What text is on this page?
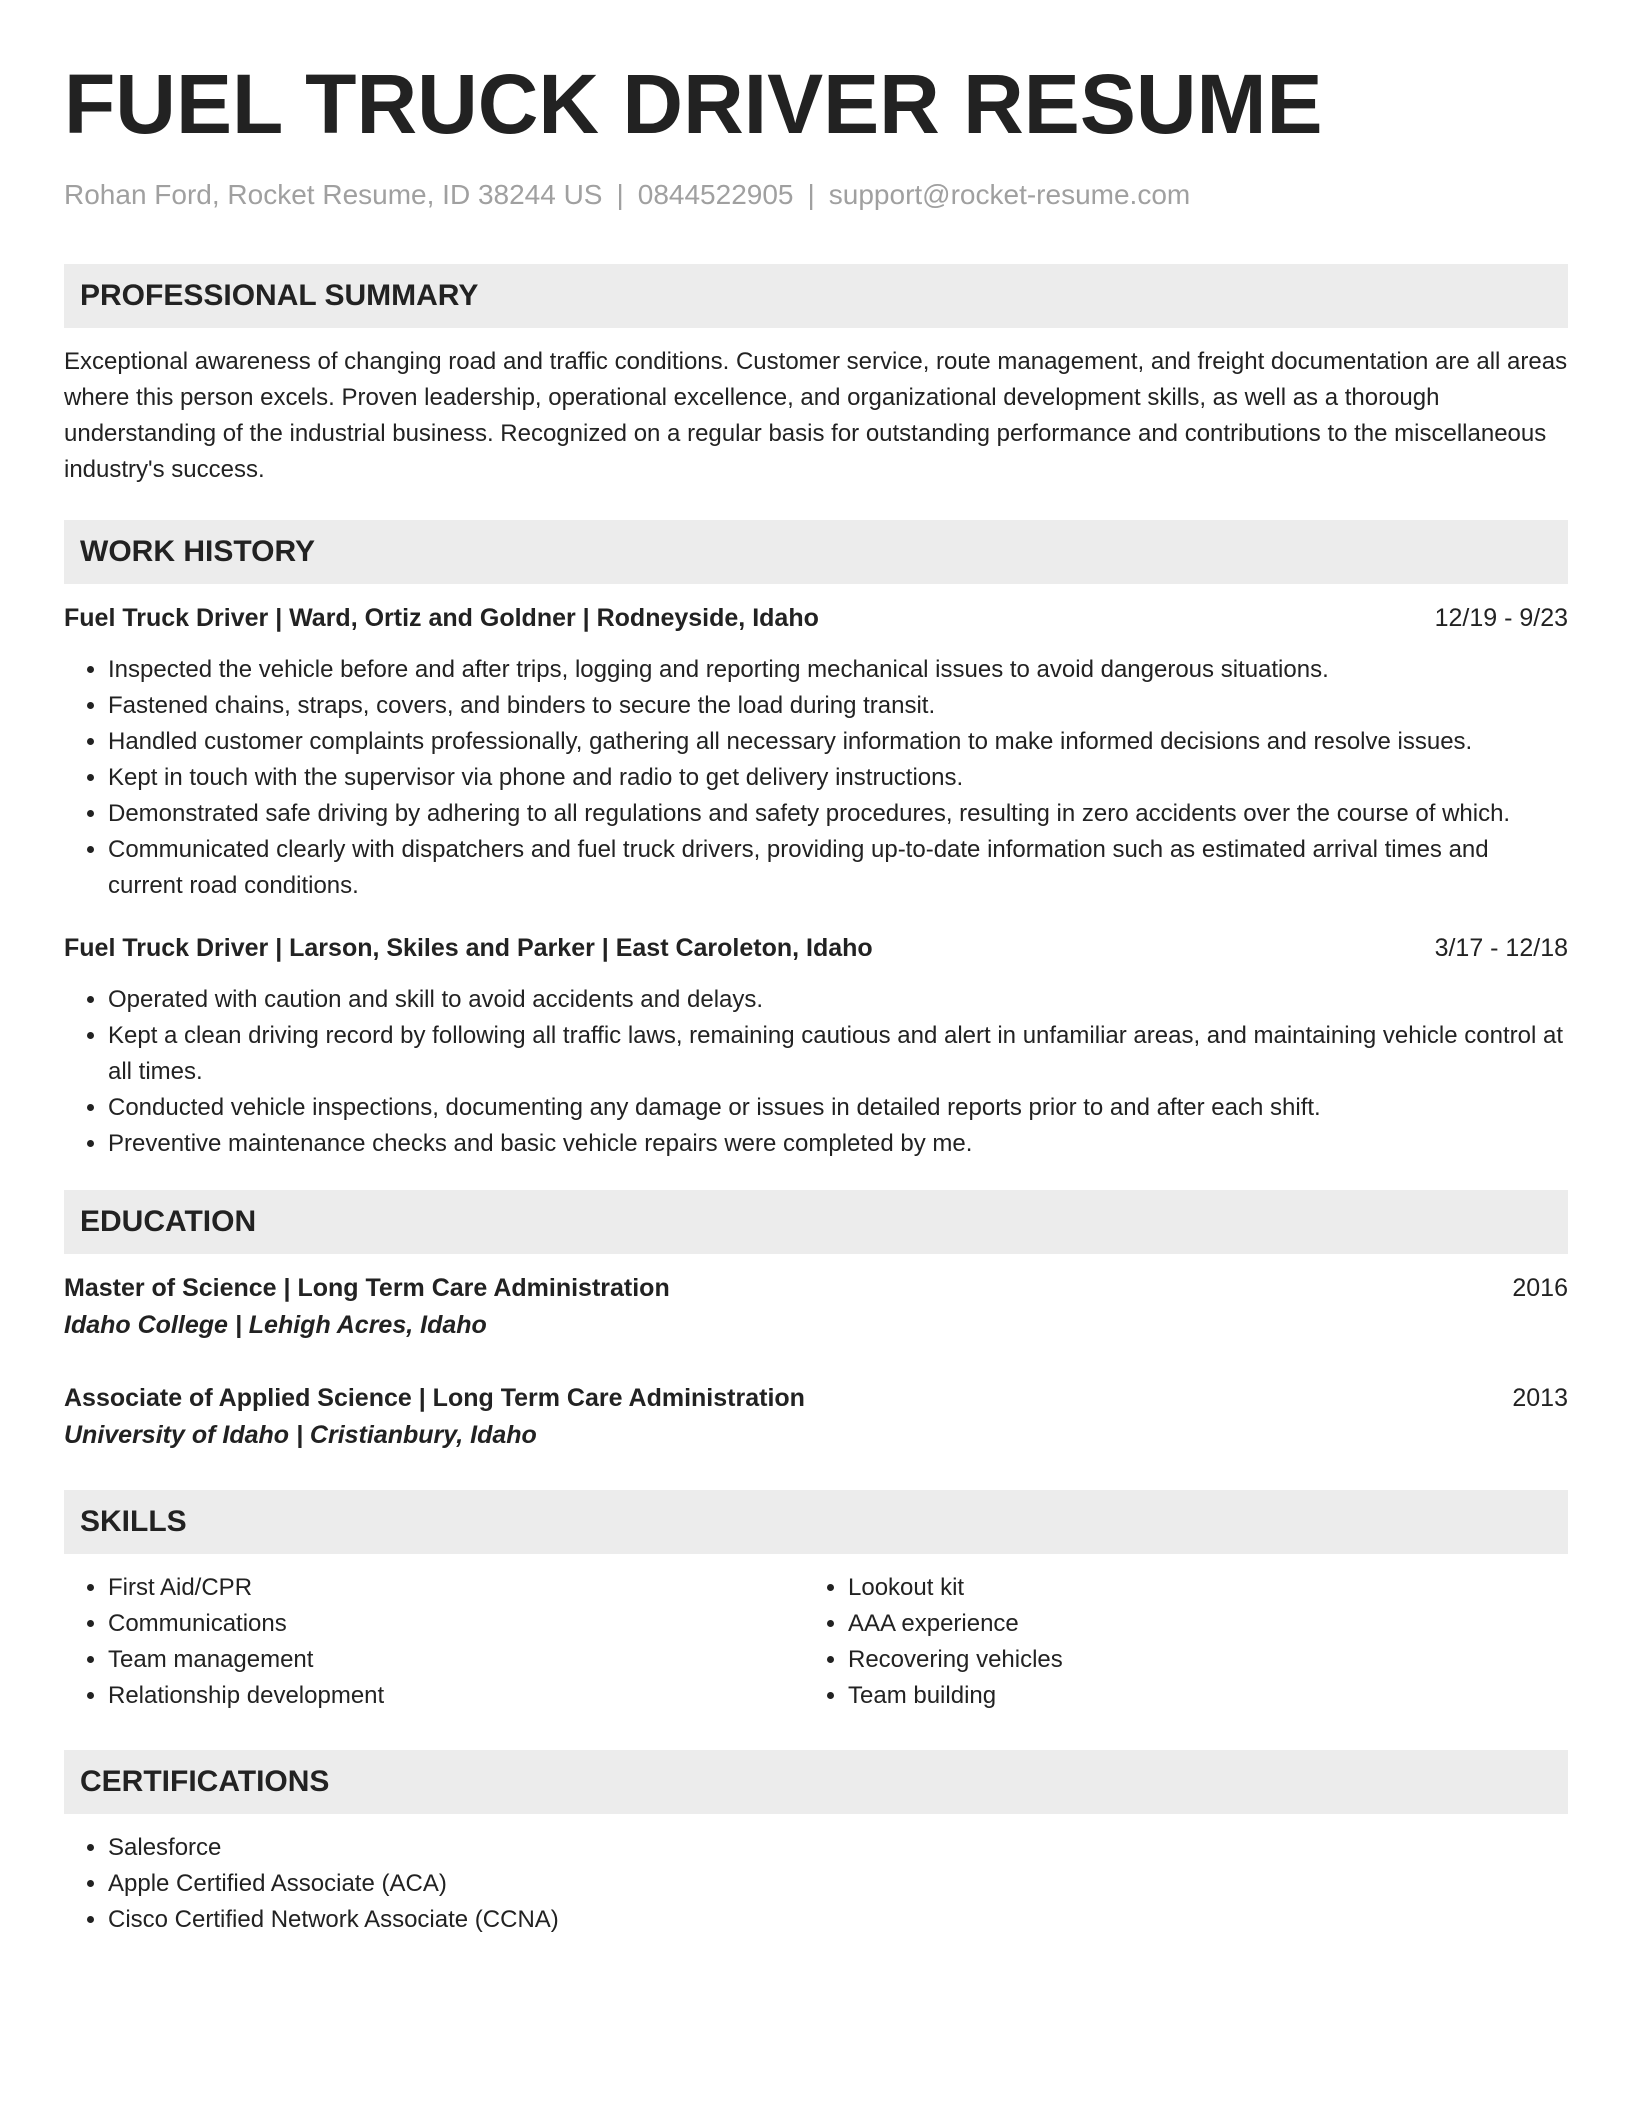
FUEL TRUCK DRIVER RESUME
Rohan Ford, Rocket Resume, ID 38244 US | 0844522905 | support@rocket-resume.com
PROFESSIONAL SUMMARY

Exceptional awareness of changing road and traffic conditions. Customer service, route management, and freight documentation are all areas where this person excels. Proven leadership, operational excellence, and organizational development skills, as well as a thorough understanding of the industrial business. Recognized on a regular basis for outstanding performance and contributions to the miscellaneous industry's success.

WORK HISTORY
Fuel Truck Driver | Ward, Ortiz and Goldner | Rodneyside, Idaho	12/19 - 9/23
• Inspected the vehicle before and after trips, logging and reporting mechanical issues to avoid dangerous situations.
• Fastened chains, straps, covers, and binders to secure the load during transit.
• Handled customer complaints professionally, gathering all necessary information to make informed decisions and resolve issues.
• Kept in touch with the supervisor via phone and radio to get delivery instructions.
• Demonstrated safe driving by adhering to all regulations and safety procedures, resulting in zero accidents over the course of which.
• Communicated clearly with dispatchers and fuel truck drivers, providing up-to-date information such as estimated arrival times and current road conditions.
Fuel Truck Driver | Larson, Skiles and Parker | East Caroleton, Idaho	3/17 - 12/18
• Operated with caution and skill to avoid accidents and delays.
• Kept a clean driving record by following all traffic laws, remaining cautious and alert in unfamiliar areas, and maintaining vehicle control at all times.
• Conducted vehicle inspections, documenting any damage or issues in detailed reports prior to and after each shift.
• Preventive maintenance checks and basic vehicle repairs were completed by me.
EDUCATION
Master of Science | Long Term Care Administration	2016
Idaho College | Lehigh Acres, Idaho
Associate of Applied Science | Long Term Care Administration	2013
University of Idaho | Cristianbury, Idaho
SKILLS
• First Aid/CPR
• Communications
• Team management
• Relationship development
• Lookout kit
• AAA experience
• Recovering vehicles
• Team building
CERTIFICATIONS
• Salesforce
• Apple Certified Associate (ACA)
• Cisco Certified Network Associate (CCNA)
